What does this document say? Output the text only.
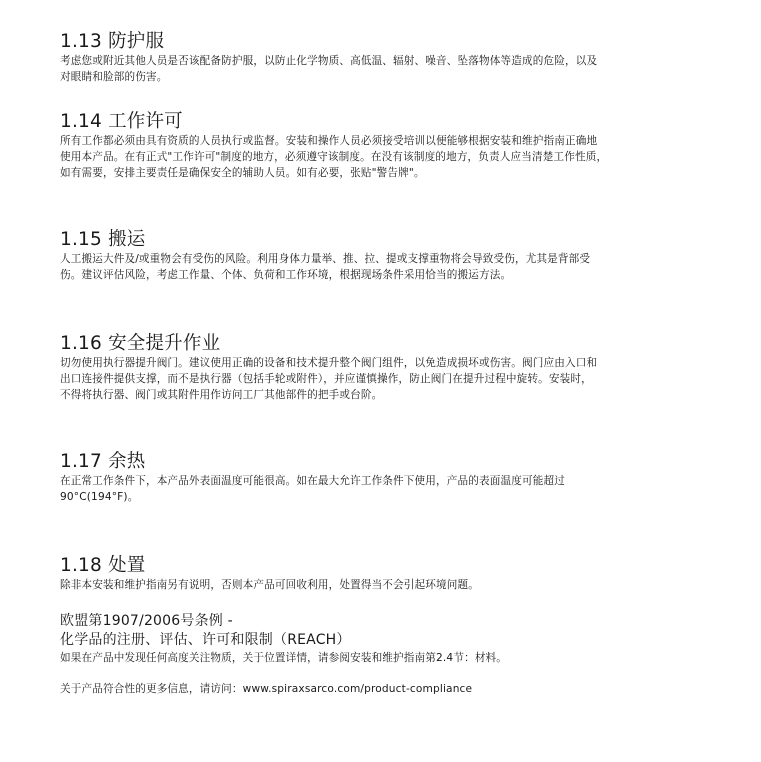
1.13 防护服

考虑您或附近其他人员是否该配备防护服，以防止化学物质、高低温、辐射、噪音、坠落物体等造成的危险，以及
对眼睛和脸部的伤害。

1.14 工作许可

所有工作都必须由具有资质的人员执行或监督。安装和操作人员必须接受培训以便能够根据安装和维护指南正确地
使用本产品。在有正式"工作许可"制度的地方，必须遵守该制度。在没有该制度的地方，负责人应当清楚工作性质，
如有需要，安排主要责任是确保安全的辅助人员。如有必要，张贴"警告牌"。

1.15 搬运

人工搬运大件及/或重物会有受伤的风险。利用身体力量举、推、拉、提或支撑重物将会导致受伤，尤其是背部受
伤。建议评估风险，考虑工作量、个体、负荷和工作环境，根据现场条件采用恰当的搬运方法。

1.16 安全提升作业

切勿使用执行器提升阀门。建议使用正确的设备和技术提升整个阀门组件，以免造成损坏或伤害。阀门应由入口和
出口连接件提供支撑，而不是执行器（包括手轮或附件），并应谨慎操作，防止阀门在提升过程中旋转。安装时，
不得将执行器、阀门或其附件用作访问工厂其他部件的把手或台阶。

1.17 余热

在正常工作条件下，本产品外表面温度可能很高。如在最大允许工作条件下使用，产品的表面温度可能超过
90°C(194°F)。

1.18 处置

除非本安装和维护指南另有说明，否则本产品可回收利用，处置得当不会引起环境问题。

欧盟第1907/2006号条例 -
化学品的注册、评估、许可和限制（REACH）

如果在产品中发现任何高度关注物质，关于位置详情，请参阅安装和维护指南第2.4节：材料。

关于产品符合性的更多信息，请访问：www.spiraxsarco.com/product-compliance
